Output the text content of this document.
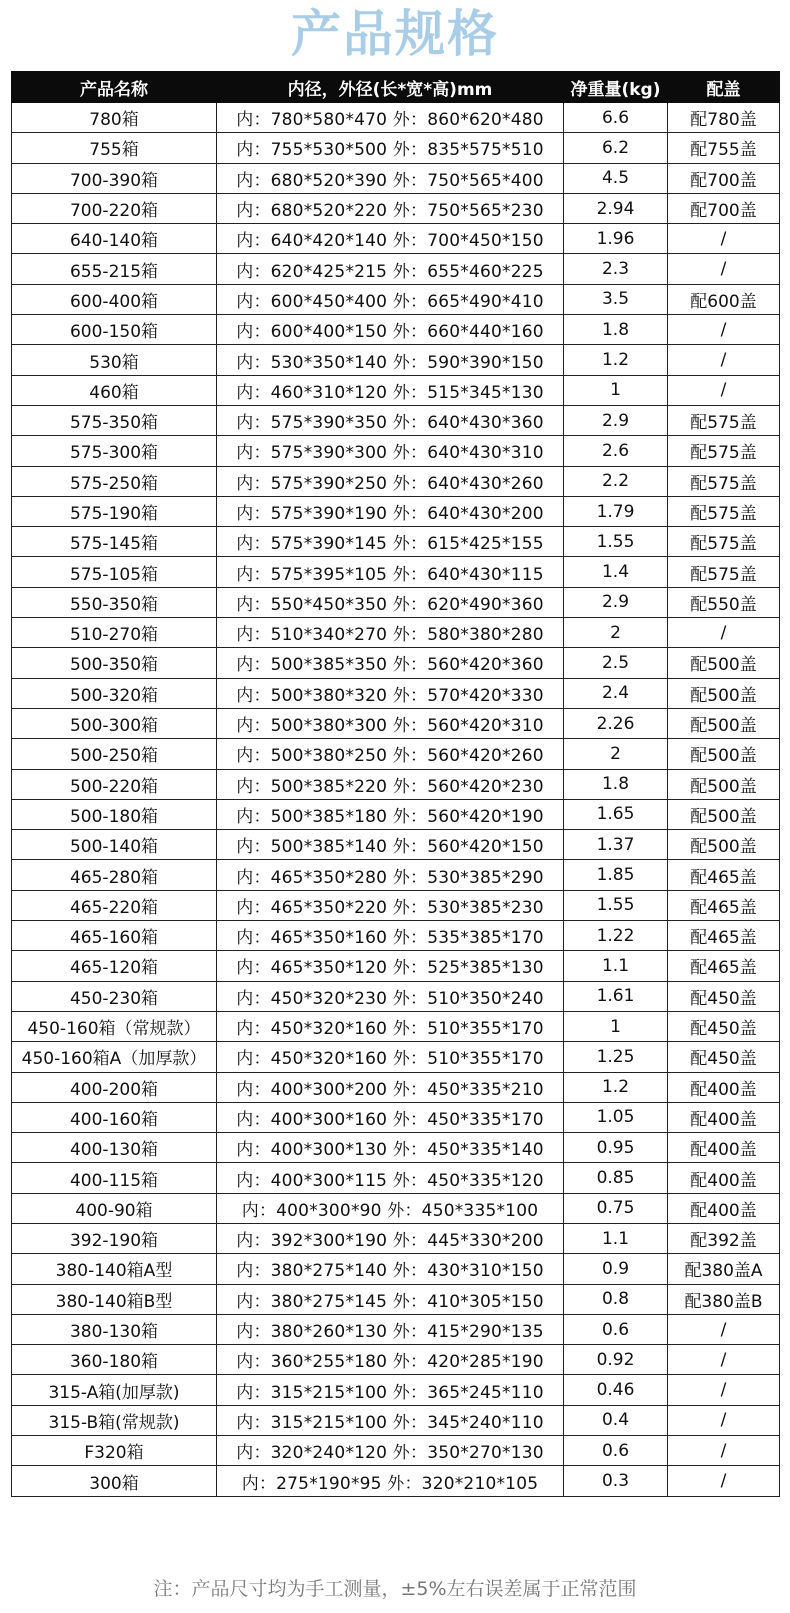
产品规格
产品名称	内径，外径(长*宽*高)mm	净重量(kg)	配盖
780箱	内：780*580*470 外：860*620*480	6.6	配780盖
755箱	内：755*530*500 外：835*575*510	6.2	配755盖
700-390箱	内：680*520*390 外：750*565*400	4.5	配700盖
700-220箱	内：680*520*220 外：750*565*230	2.94	配700盖
640-140箱	内：640*420*140 外：700*450*150	1.96	/
655-215箱	内：620*425*215 外：655*460*225	2.3	/
600-400箱	内：600*450*400 外：665*490*410	3.5	配600盖
600-150箱	内：600*400*150 外：660*440*160	1.8	/
530箱	内：530*350*140 外：590*390*150	1.2	/
460箱	内：460*310*120 外：515*345*130	1	/
575-350箱	内：575*390*350 外：640*430*360	2.9	配575盖
575-300箱	内：575*390*300 外：640*430*310	2.6	配575盖
575-250箱	内：575*390*250 外：640*430*260	2.2	配575盖
575-190箱	内：575*390*190 外：640*430*200	1.79	配575盖
575-145箱	内：575*390*145 外：615*425*155	1.55	配575盖
575-105箱	内：575*395*105 外：640*430*115	1.4	配575盖
550-350箱	内：550*450*350 外：620*490*360	2.9	配550盖
510-270箱	内：510*340*270 外：580*380*280	2	/
500-350箱	内：500*385*350 外：560*420*360	2.5	配500盖
500-320箱	内：500*380*320 外：570*420*330	2.4	配500盖
500-300箱	内：500*380*300 外：560*420*310	2.26	配500盖
500-250箱	内：500*380*250 外：560*420*260	2	配500盖
500-220箱	内：500*385*220 外：560*420*230	1.8	配500盖
500-180箱	内：500*385*180 外：560*420*190	1.65	配500盖
500-140箱	内：500*385*140 外：560*420*150	1.37	配500盖
465-280箱	内：465*350*280 外：530*385*290	1.85	配465盖
465-220箱	内：465*350*220 外：530*385*230	1.55	配465盖
465-160箱	内：465*350*160 外：535*385*170	1.22	配465盖
465-120箱	内：465*350*120 外：525*385*130	1.1	配465盖
450-230箱	内：450*320*230 外：510*350*240	1.61	配450盖
450-160箱（常规款）	内：450*320*160 外：510*355*170	1	配450盖
450-160箱A（加厚款）	内：450*320*160 外：510*355*170	1.25	配450盖
400-200箱	内：400*300*200 外：450*335*210	1.2	配400盖
400-160箱	内：400*300*160 外：450*335*170	1.05	配400盖
400-130箱	内：400*300*130 外：450*335*140	0.95	配400盖
400-115箱	内：400*300*115 外：450*335*120	0.85	配400盖
400-90箱	内：400*300*90 外：450*335*100	0.75	配400盖
392-190箱	内：392*300*190 外：445*330*200	1.1	配392盖
380-140箱A型	内：380*275*140 外：430*310*150	0.9	配380盖A
380-140箱B型	内：380*275*145 外：410*305*150	0.8	配380盖B
380-130箱	内：380*260*130 外：415*290*135	0.6	/
360-180箱	内：360*255*180 外：420*285*190	0.92	/
315-A箱(加厚款)	内：315*215*100 外：365*245*110	0.46	/
315-B箱(常规款)	内：315*215*100 外：345*240*110	0.4	/
F320箱	内：320*240*120 外：350*270*130	0.6	/
300箱	内：275*190*95 外：320*210*105	0.3	/
注：产品尺寸均为手工测量，±5%左右误差属于正常范围
